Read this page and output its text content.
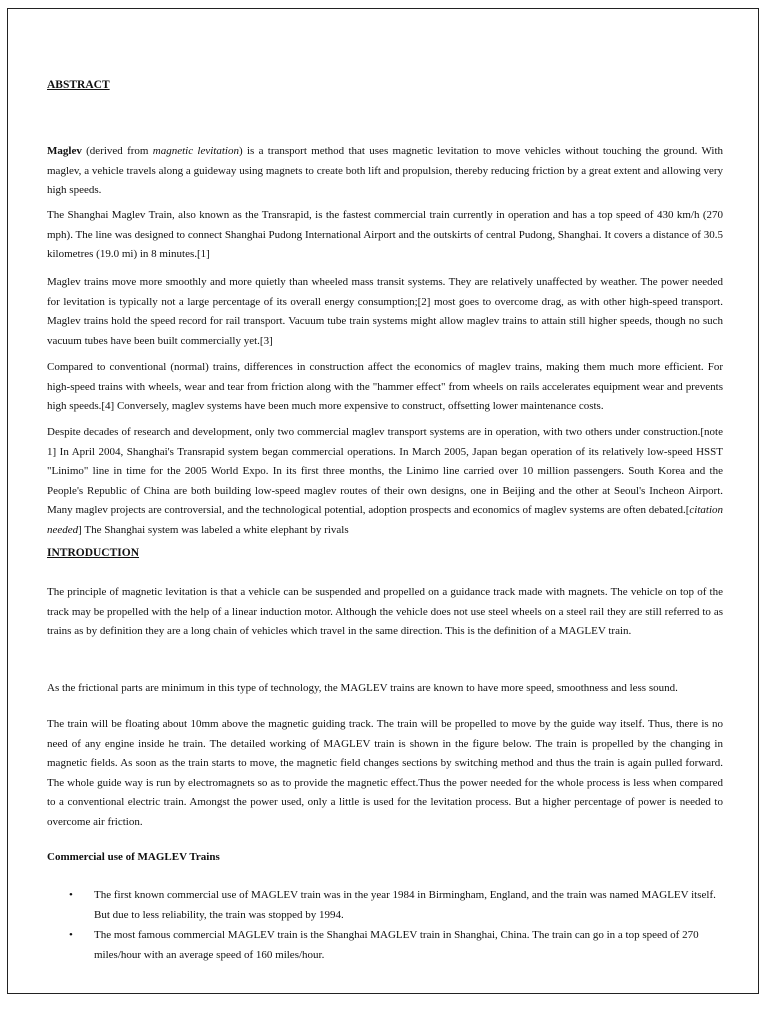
ABSTRACT

Maglev (derived from magnetic levitation) is a transport method that uses magnetic levitation to move vehicles without touching the ground. With maglev, a vehicle travels along a guideway using magnets to create both lift and propulsion, thereby reducing friction by a great extent and allowing very high speeds.

The Shanghai Maglev Train, also known as the Transrapid, is the fastest commercial train currently in operation and has a top speed of 430 km/h (270 mph). The line was designed to connect Shanghai Pudong International Airport and the outskirts of central Pudong, Shanghai. It covers a distance of 30.5 kilometres (19.0 mi) in 8 minutes.[1]

Maglev trains move more smoothly and more quietly than wheeled mass transit systems. They are relatively unaffected by weather. The power needed for levitation is typically not a large percentage of its overall energy consumption;[2] most goes to overcome drag, as with other high-speed transport. Maglev trains hold the speed record for rail transport. Vacuum tube train systems might allow maglev trains to attain still higher speeds, though no such vacuum tubes have been built commercially yet.[3]

Compared to conventional (normal) trains, differences in construction affect the economics of maglev trains, making them much more efficient. For high-speed trains with wheels, wear and tear from friction along with the "hammer effect" from wheels on rails accelerates equipment wear and prevents high speeds.[4] Conversely, maglev systems have been much more expensive to construct, offsetting lower maintenance costs.

Despite decades of research and development, only two commercial maglev transport systems are in operation, with two others under construction.[note 1] In April 2004, Shanghai's Transrapid system began commercial operations. In March 2005, Japan began operation of its relatively low-speed HSST "Linimo" line in time for the 2005 World Expo. In its first three months, the Linimo line carried over 10 million passengers. South Korea and the People's Republic of China are both building low-speed maglev routes of their own designs, one in Beijing and the other at Seoul's Incheon Airport. Many maglev projects are controversial, and the technological potential, adoption prospects and economics of maglev systems are often debated.[citation needed] The Shanghai system was labeled a white elephant by rivals

INTRODUCTION

The principle of magnetic levitation is that a vehicle can be suspended and propelled on a guidance track made with magnets. The vehicle on top of the track may be propelled with the help of a linear induction motor. Although the vehicle does not use steel wheels on a steel rail they are still referred to as trains as by definition they are a long chain of vehicles which travel in the same direction. This is the definition of a MAGLEV train.

As the frictional parts are minimum in this type of technology, the MAGLEV trains are known to have more speed, smoothness and less sound.

The train will be floating about 10mm above the magnetic guiding track. The train will be propelled to move by the guide way itself. Thus, there is no need of any engine inside he train. The detailed working of MAGLEV train is shown in the figure below. The train is propelled by the changing in magnetic fields. As soon as the train starts to move, the magnetic field changes sections by switching method and thus the train is again pulled forward. The whole guide way is run by electromagnets so as to provide the magnetic effect.Thus the power needed for the whole process is less when compared to a conventional electric train. Amongst the power used, only a little is used for the levitation process. But a higher percentage of power is needed to overcome air friction.

Commercial use of MAGLEV Trains
• The first known commercial use of MAGLEV train was in the year 1984 in Birmingham, England, and the train was named MAGLEV itself. But due to less reliability, the train was stopped by 1994.
• The most famous commercial MAGLEV train is the Shanghai MAGLEV train in Shanghai, China. The train can go in a top speed of 270 miles/hour with an average speed of 160 miles/hour.
